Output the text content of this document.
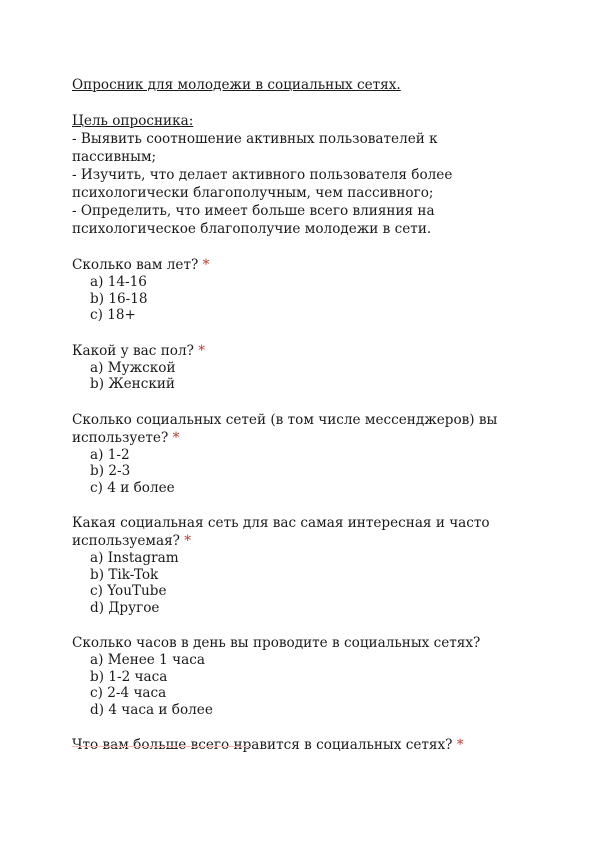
Опросник для молодежи в социальных сетях.

Цель опросника:
- Выявить соотношение активных пользователей к
пассивным;
- Изучить, что делает активного пользователя более
психологически благополучным, чем пассивного;
- Определить, что имеет больше всего влияния на
психологическое благополучие молодежи в сети.
Сколько вам лет? *
a) 14-16
b) 16-18
c) 18+
Какой у вас пол? *
a) Мужской
b) Женский
Сколько социальных сетей (в том числе мессенджеров) вы
используете? *
a) 1-2
b) 2-3
c) 4 и более
Какая социальная сеть для вас самая интересная и часто
используемая? *
a) Instagram
b) Tik-Tok
c) YouTube
d) Другое
Сколько часов в день вы проводите в социальных сетях?
a) Менее 1 часа
b) 1-2 часа
c) 2-4 часа
d) 4 часа и более
Что вам больше всего нравится в социальных сетях? *
